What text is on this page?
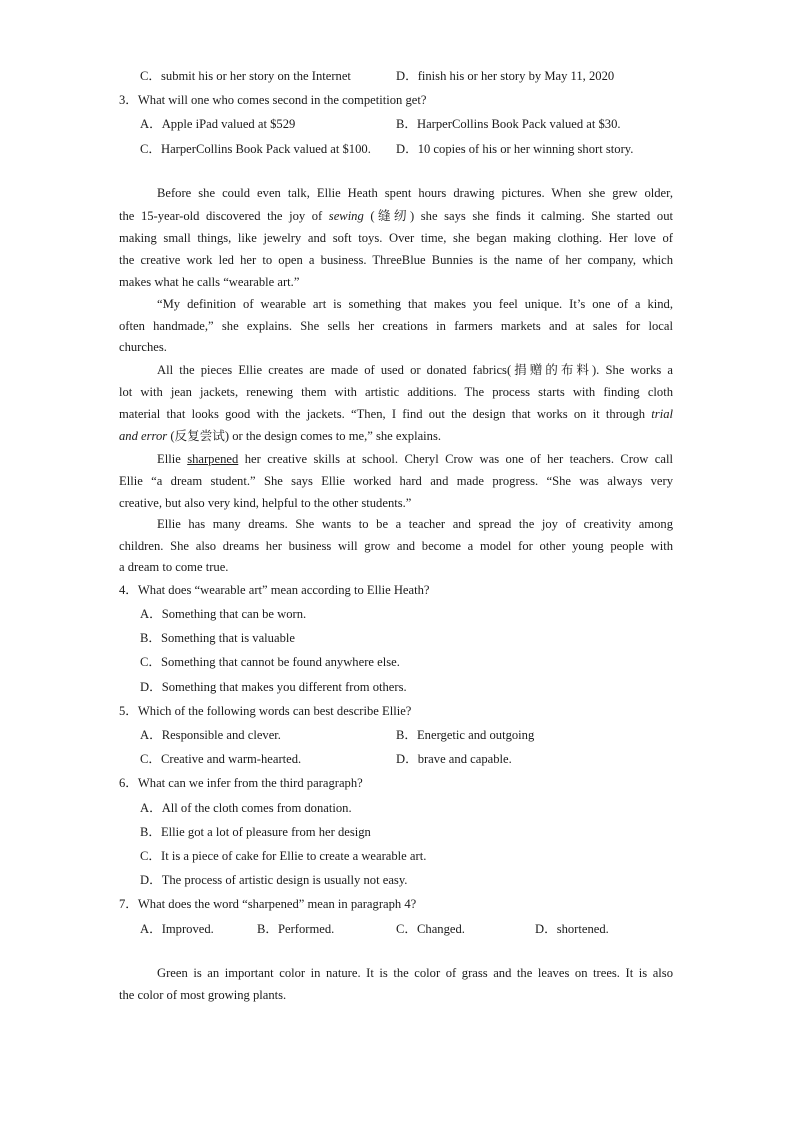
C．submit his or her story on the Internet	D．finish his or her story by May 11, 2020
3．What will one who comes second in the competition get?
A．Apple iPad valued at $529	B．HarperCollins Book Pack valued at $30.
C．HarperCollins Book Pack valued at $100. D．10 copies of his or her winning short story.
Before she could even talk, Ellie Heath spent hours drawing pictures. When she grew older,
the 15-year-old discovered the joy of sewing (缝纫) she says she finds it calming. She started out
making small things, like jewelry and soft toys. Over time, she began making clothing. Her love of
the creative work led her to open a business. ThreeBlue Bunnies is the name of her company, which
makes what he calls “wearable art.”
“My definition of wearable art is something that makes you feel unique. It’s one of a kind,
often handmade,” she explains. She sells her creations in farmers markets and at sales for local
churches.
All the pieces Ellie creates are made of used or donated fabrics(捐赠的布料). She works a
lot with jean jackets, renewing them with artistic additions. The process starts with finding cloth
material that looks good with the jackets. “Then, I find out the design that works on it through trial
and error (反复尝试) or the design comes to me,” she explains.
Ellie sharpened her creative skills at school. Cheryl Crow was one of her teachers. Crow call
Ellie “a dream student.” She says Ellie worked hard and made progress. “She was always very
creative, but also very kind, helpful to the other students.”
Ellie has many dreams. She wants to be a teacher and spread the joy of creativity among
children. She also dreams her business will grow and become a model for other young people with
a dream to come true.
4．What does “wearable art” mean according to Ellie Heath?
A．Something that can be worn.
B．Something that is valuable
C．Something that cannot be found anywhere else.
D．Something that makes you different from others.
5．Which of the following words can best describe Ellie?
A．Responsible and clever.	B．Energetic and outgoing
C．Creative and warm-hearted.	D．brave and capable.
6．What can we infer from the third paragraph?
A．All of the cloth comes from donation.
B．Ellie got a lot of pleasure from her design
C．It is a piece of cake for Ellie to create a wearable art.
D．The process of artistic design is usually not easy.
7．What does the word “sharpened” mean in paragraph 4?
A．Improved.	B．Performed.	C．Changed.	D．shortened.
Green is an important color in nature. It is the color of grass and the leaves on trees. It is also
the color of most growing plants.
